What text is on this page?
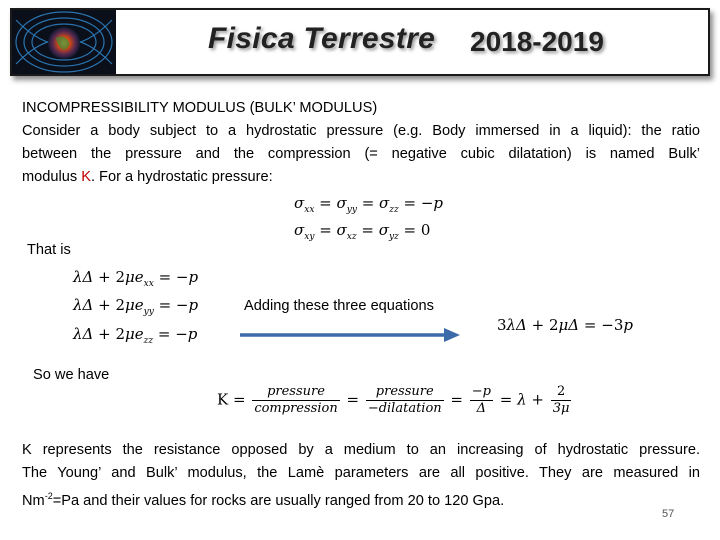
Fisica Terrestre 2018-2019
INCOMPRESSIBILITY MODULUS (BULK’ MODULUS)
Consider a body subject to a hydrostatic pressure (e.g. Body immersed in a liquid): the ratio
between the pressure and the compression (= negative cubic dilatation) is named Bulk’
modulus K. For a hydrostatic pressure:
$\sigma_{xx} = \sigma_{yy} = \sigma_{zz} = -p$
$\sigma_{xy} = \sigma_{xz} = \sigma_{yz} = 0$
That is
$\lambda\Delta + 2\mu e_{xx} = -p$
$\lambda\Delta + 2\mu e_{yy} = -p$
$\lambda\Delta + 2\mu e_{zz} = -p$
Adding these three equations
3λΔ + 2μΔ = −3p
So we have
$K = \frac{\text{pressure}}{\text{compression}} = \frac{\text{pressure}}{\text{−dilatation}} = \frac{-p}{\Delta} = \lambda + \frac{2}{3\mu}$
K represents the resistance opposed by a medium to an increasing of hydrostatic pressure.
The Young’ and Bulk’ modulus, the Lamè parameters are all positive. They are measured in
$Nm^{-2}=Pa$ and their values for rocks are usually ranged from 20 to 120 Gpa.
57
